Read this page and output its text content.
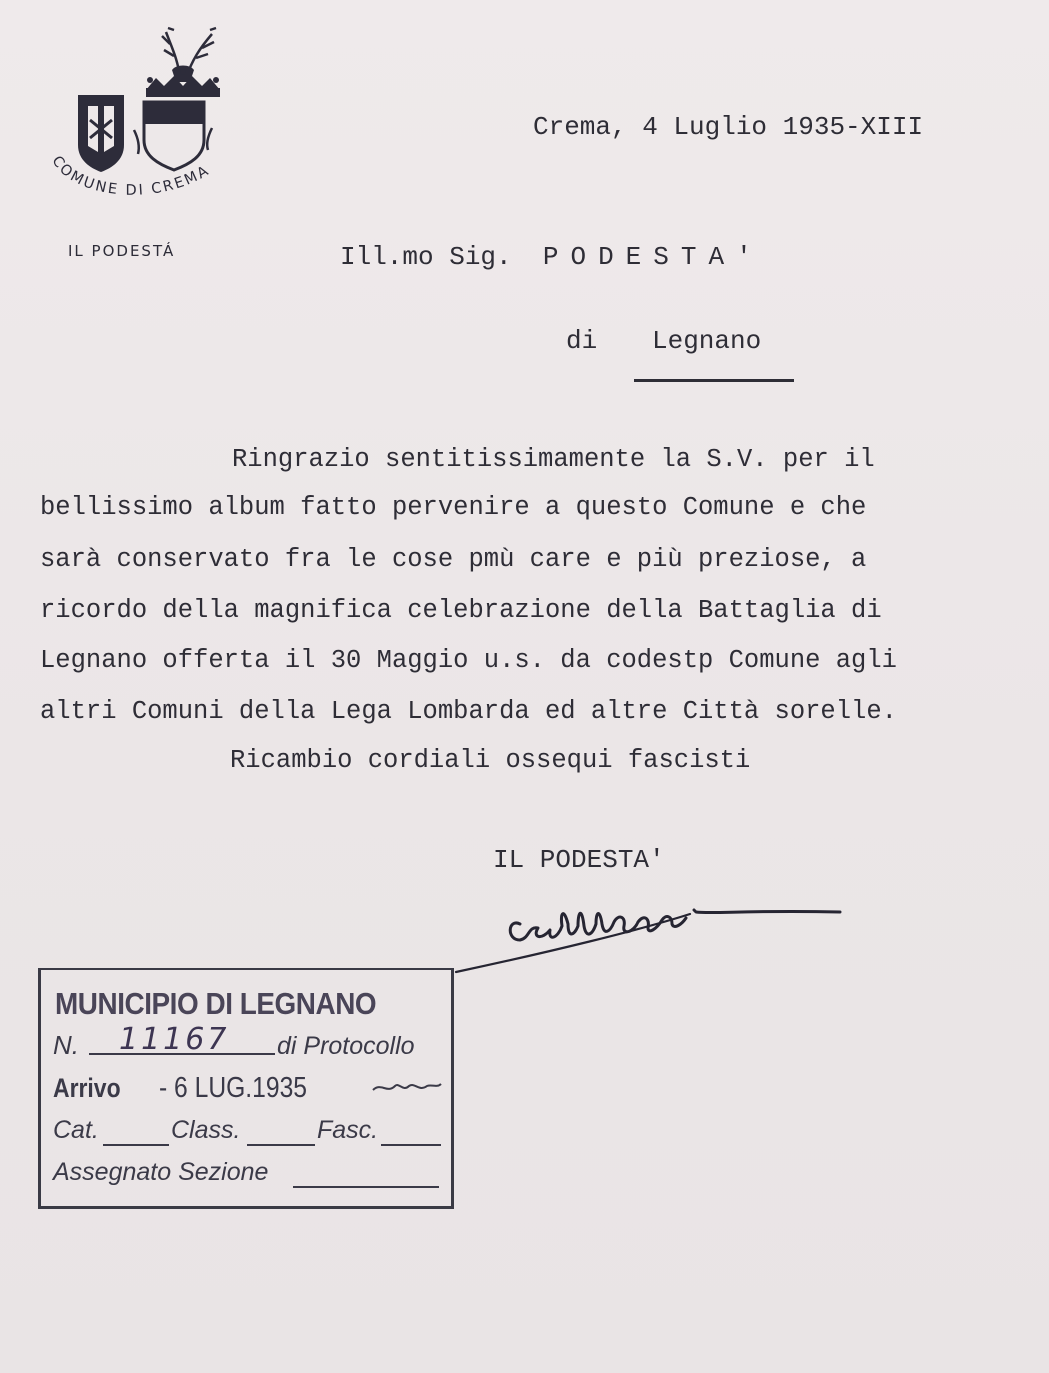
COMUNE DI CREMA
IL PODESTÁ
Crema, 4 Luglio 1935-XIII
Ill.mo Sig. PODESTA'
di Legnano
Ringrazio sentitissimamente la S.V. per il
bellissimo album fatto pervenire a questo Comune e che
sarà conservato fra le cose pmù care e più preziose, a
ricordo della magnifica celebrazione della Battaglia di
Legnano offerta il 30 Maggio u.s. da codestp Comune agli
altri Comuni della Lega Lombarda ed altre Città sorelle.
Ricambio cordiali ossequi fascisti
IL PODESTA'
MUNICIPIO DI LEGNANO
N. 11167 di Protocollo
Arrivo - 6 LUG.1935
Cat.	Class.	Fasc.
Assegnato Sezione
